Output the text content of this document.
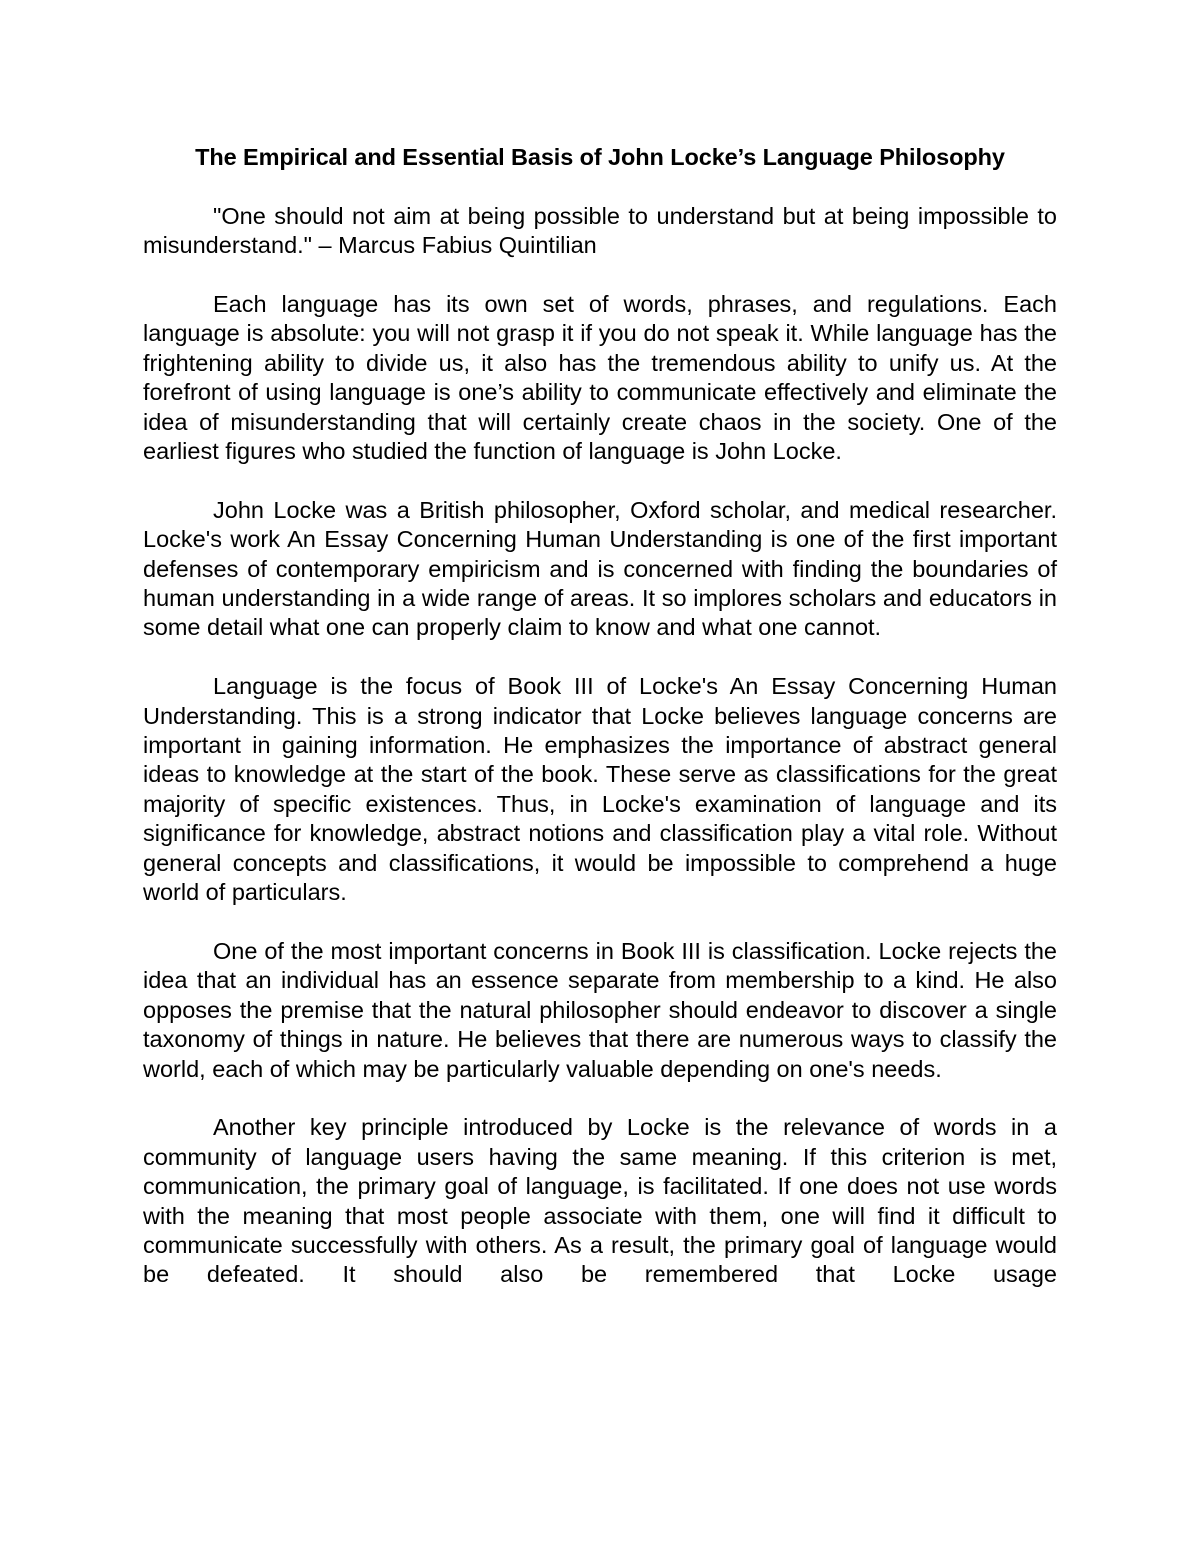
The Empirical and Essential Basis of John Locke’s Language Philosophy

"One should not aim at being possible to understand but at being impossible to misunderstand." – Marcus Fabius Quintilian

Each language has its own set of words, phrases, and regulations. Each language is absolute: you will not grasp it if you do not speak it. While language has the frightening ability to divide us, it also has the tremendous ability to unify us. At the forefront of using language is one’s ability to communicate effectively and eliminate the idea of misunderstanding that will certainly create chaos in the society. One of the earliest figures who studied the function of language is John Locke.

John Locke was a British philosopher, Oxford scholar, and medical researcher. Locke's work An Essay Concerning Human Understanding is one of the first important defenses of contemporary empiricism and is concerned with finding the boundaries of human understanding in a wide range of areas. It so implores scholars and educators in some detail what one can properly claim to know and what one cannot.

Language is the focus of Book III of Locke's An Essay Concerning Human Understanding. This is a strong indicator that Locke believes language concerns are important in gaining information. He emphasizes the importance of abstract general ideas to knowledge at the start of the book. These serve as classifications for the great majority of specific existences. Thus, in Locke's examination of language and its significance for knowledge, abstract notions and classification play a vital role. Without general concepts and classifications, it would be impossible to comprehend a huge world of particulars.

One of the most important concerns in Book III is classification. Locke rejects the idea that an individual has an essence separate from membership to a kind. He also opposes the premise that the natural philosopher should endeavor to discover a single taxonomy of things in nature. He believes that there are numerous ways to classify the world, each of which may be particularly valuable depending on one's needs.

Another key principle introduced by Locke is the relevance of words in a community of language users having the same meaning. If this criterion is met, communication, the primary goal of language, is facilitated. If one does not use words with the meaning that most people associate with them, one will find it difficult to communicate successfully with others. As a result, the primary goal of language would be defeated. It should also be remembered that Locke usage
